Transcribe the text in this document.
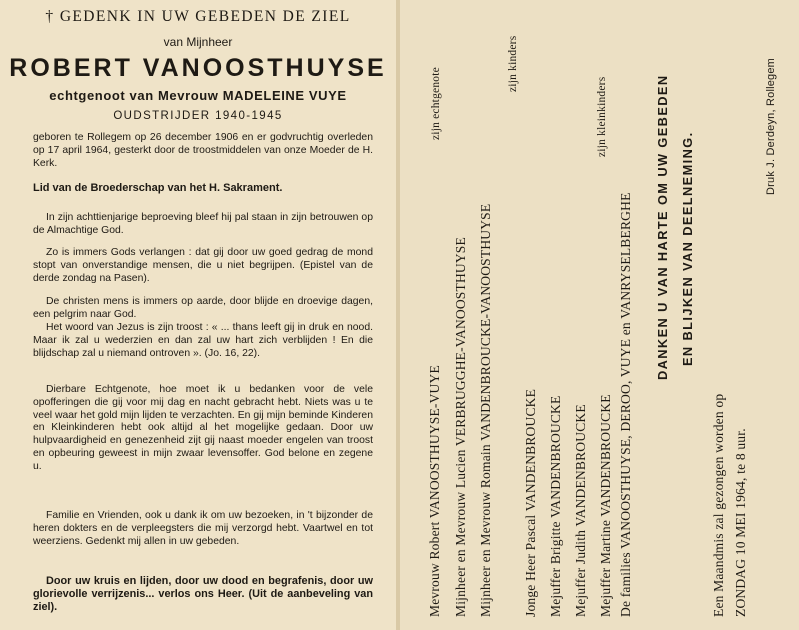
† GEDENK IN UW GEBEDEN DE ZIEL

van Mijnheer

ROBERT VANOOSTHUYSE

echtgenoot van Mevrouw MADELEINE VUYE

OUDSTRIJDER 1940-1945

geboren te Rollegem op 26 december 1906 en er godvruchtig overleden op 17 april 1964, gesterkt door de troostmiddelen van onze Moeder de H. Kerk.

Lid van de Broederschap van het H. Sakrament.

In zijn achttienjarige beproeving bleef hij pal staan in zijn betrouwen op de Almachtige God.

Zo is immers Gods verlangen : dat gij door uw goed gedrag de mond stopt van onverstandige mensen, die u niet begrijpen. (Epistel van de derde zondag na Pasen).

De christen mens is immers op aarde, door blijde en droevige dagen, een pelgrim naar God.

Het woord van Jezus is zijn troost : « ... thans leeft gij in druk en nood. Maar ik zal u wederzien en dan zal uw hart zich verblijden ! En die blijdschap zal u niemand ontroven ». (Jo. 16, 22).

Dierbare Echtgenote, hoe moet ik u bedanken voor de vele opofferingen die gij voor mij dag en nacht gebracht hebt. Niets was u te veel waar het gold mijn lijden te verzachten. En gij mijn beminde Kinderen en Kleinkinderen hebt ook altijd al het mogelijke gedaan. Door uw hulpvaardigheid en genezenheid zijt gij naast moeder engelen van troost en opbeuring geweest in mijn zwaar levensoffer. God belone en zegene u.

Familie en Vrienden, ook u dank ik om uw bezoeken, in 't bijzonder de heren dokters en de verpleegsters die mij verzorgd hebt. Vaartwel en tot weerziens. Gedenkt mij allen in uw gebeden.

Door uw kruis en lijden, door uw dood en begrafenis, door uw glorievolle verrijzenis... verlos ons Heer. (Uit de aanbeveling van ziel).

zijn echtgenote

zijn kinders

zijn kleinkinders

Mevrouw Robert VANOOSTHUYSE-VUYE Mijnheer en Mevrouw Lucien VERBRUGGHE-VANOOSTHUYSE Mijnheer en Mevrouw Romain VANDENBROUCKE-VANOOSTHUYSE Jonge Heer Pascal VANDENBROUCKE Mejuffer Brigitte VANDENBROUCKE Mejuffer Judith VANDENBROUCKE Mejuffer Martine VANDENBROUCKE De families VANOOSTHUYSE, DEROO, VUYE en VANRYSELBERGHE DANKEN U VAN HARTE OM UW GEBEDEN EN BLIJKEN VAN DEELNEMING.

Een Maandmis zal gezongen worden op ZONDAG 10 MEI 1964, te 8 uur.

Druk J. Derdeyn, Rollegem
